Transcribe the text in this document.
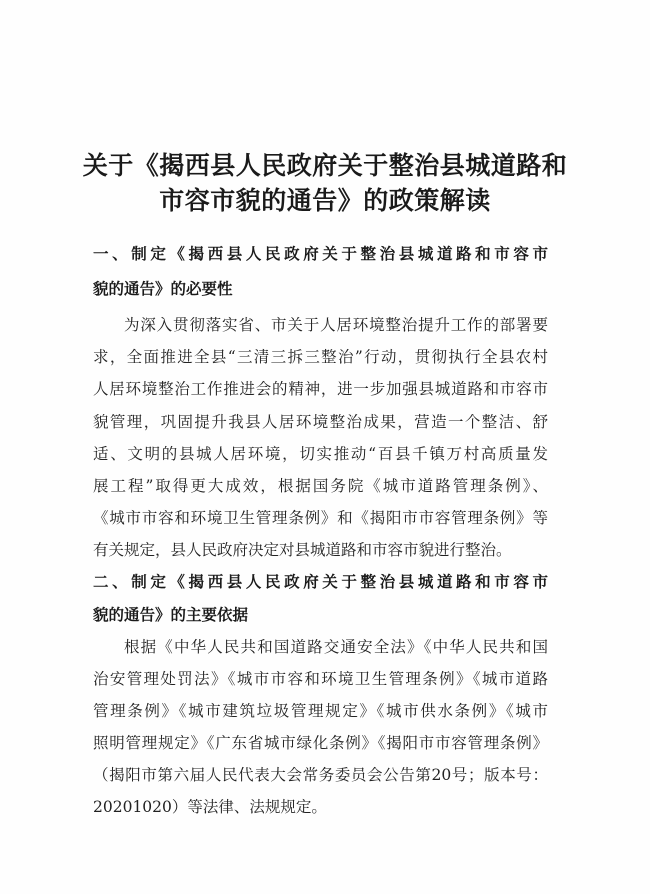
关于《揭西县人民政府关于整治县城道路和
市容市貌的通告》的政策解读
一、制定《揭西县人民政府关于整治县城道路和市容市
貌的通告》的必要性
为深入贯彻落实省、市关于人居环境整治提升工作的部署要
求，全面推进全县“三清三拆三整治”行动，贯彻执行全县农村
人居环境整治工作推进会的精神，进一步加强县城道路和市容市
貌管理，巩固提升我县人居环境整治成果，营造一个整洁、舒
适、文明的县城人居环境，切实推动“百县千镇万村高质量发
展工程”取得更大成效，根据国务院《城市道路管理条例》、
《城市市容和环境卫生管理条例》和《揭阳市市容管理条例》等
有关规定，县人民政府决定对县城道路和市容市貌进行整治。
二、制定《揭西县人民政府关于整治县城道路和市容市
貌的通告》的主要依据
根据《中华人民共和国道路交通安全法》《中华人民共和国
治安管理处罚法》《城市市容和环境卫生管理条例》《城市道路
管理条例》《城市建筑垃圾管理规定》《城市供水条例》《城市
照明管理规定》《广东省城市绿化条例》《揭阳市市容管理条例》
（揭阳市第六届人民代表大会常务委员会公告第20号；版本号：
20201020）等法律、法规规定。
